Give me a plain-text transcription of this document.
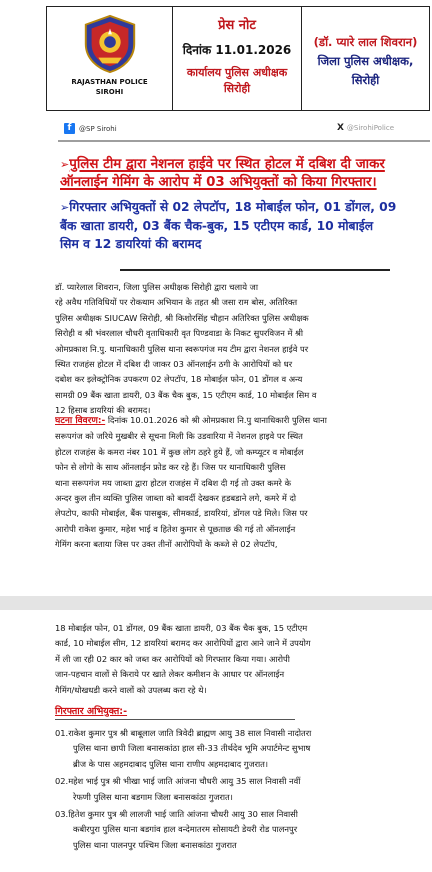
RAJASTHAN POLICE
SIROHI
प्रेस नोट
दिनांक 11.01.2026
कार्यालय पुलिस अधीक्षक
सिरोही
(डॉ. प्यारे लाल शिवरान)
जिला पुलिस अधीक्षक,
सिरोही
f	@SP Sirohi	X @SirohiPolice
➢पुलिस टीम द्वारा नेशनल हाईवे पर स्थित होटल में दबिश दी जाकर
ऑनलाईन गेमिंग के आरोप में 03 अभियुक्तों को किया गिरफ्तार।
➢गिरफ्तार अभियुक्तों से 02 लेपटॉप, 18 मोबाईल फोन, 01 डोंगल, 09
बैंक खाता डायरी, 03 बैंक चैक-बुक, 15 एटीएम कार्ड, 10 मोबाईल
सिम व 12 डायरियां की बरामद
डॉ. प्यारेलाल शिवरान, जिला पुलिस अधीक्षक सिरोही द्वारा चलाये जा
रहे अवैध गतिविधियों पर रोकथाम अभियान के तहत श्री जसा राम बोस, अतिरिक्त
पुलिस अधीक्षक SIUCAW सिरोही, श्री किशोरसिंह चौहान अतिरिक्त पुलिस अधीक्षक
सिरोही व श्री भंवरलाल चौधरी वृताधिकारी वृत पिण्डवाडा के निकट सुपरविजन में श्री
ओमप्रकाश नि.पु. थानाधिकारी पुलिस थाना स्वरूपगंज मय टीम द्वारा नेशनल हाईवे पर
स्थित राजहंस होटल में दबिश दी जाकर 03 ऑनलाईन ठगी के आरोपियों को धर
दबोश कर इलेक्ट्रोनिक उपकरण 02 लेपटॉप, 18 मोबाईल फोन, 01 डोंगल व अन्य
सामग्री 09 बैंक खाता डायरी, 03 बैंक चैक बुक, 15 एटीएम कार्ड, 10 मोबाईल सिम व
12 हिसाब डायरियां की बरामद।
घटना विवरण:- दिनांक 10.01.2026 को श्री ओमप्रकाश नि.पु थानाधिकारी पुलिस थाना
सरूपगंज को जरिये मुखबीर से सूचना मिली कि उडवारिया में नेशनल हाइवे पर स्थित
होटल राजहंस के कमरा नंबर 101 में कुछ लोग ठहरे हुये हैं, जो कम्प्यूटर व मोबाईल
फोन से लोगो के साथ ऑनलाईन फ्रोड कर रहे हैं। जिस पर थानाधिकारी पुलिस
थाना सरूपगंज मय जाब्ता द्वारा होटल राजहंस में दबिश दी गई तो उक्त कमरे के
अन्दर कुल तीन व्यक्ति पुलिस जाब्ता को बावर्दी देखकर हडबडाने लगे, कमरे में दो
लेपटोप, काफी मोबाईल, बैंक पासबुक, सीमकार्ड, डायरियां, डोंगल पडे मिले। जिस पर
आरोपी राकेश कुमार, महेश भाई व हितेश कुमार से पूछताछ की गई तो ऑनलाईन
गेमिंग करना बताया जिस पर उक्त तीनों आरोपियों के कब्जे से 02 लेपटॉप,
18 मोबाईल फोन, 01 डोंगल, 09 बैंक खाता डायरी, 03 बैंक चैक बुक, 15 एटीएम
कार्ड, 10 मोबाईल सीम, 12 डायरियां बरामद कर आरोपियों द्वारा आने जाने में उपयोग
में ली जा रही 02 कार को जब्त कर आरोपियों को गिरफ्तार किया गया। आरोपी
जान-पहचान वालों से किराये पर खाते लेकर कमीशन के आधार पर ऑनलाईन
गैमिंग/धोखधडी करने वालों को उपलब्ध करा रहे थे।
गिरफ्तार अभियुक्त:-
01.राकेश कुमार पुत्र श्री बाबूलाल जाति त्रिवेदी ब्राह्मण आयु 38 साल निवासी नादोतरा
पुलिस थाना छापी जिला बनासकांठा हाल सी-33 तीर्थदेव भूमि अपार्टमेन्ट सुभाष
ब्रीज के पास अहमदाबाद पुलिस थाना राणीप अहमदाबाद गुजरात।
02.महेश भाई पुत्र श्री भीखा भाई जाति आंजना चौधरी आयु 35 साल निवासी नवीं
रेफणी पुलिस थाना बडगाम जिला बनासकांठा गुजरात।
03.हितेश कुमार पुत्र श्री लालजी भाई जाति आंजना चौधरी आयु 30 साल निवासी
कबीरपुरा पुलिस थाना बडगांव हाल वन्देमातरम सोसायटी डेयरी रोड पालनपुर
पुलिस थाना पालनपुर पश्चिम जिला बनासकांठा गुजरात
